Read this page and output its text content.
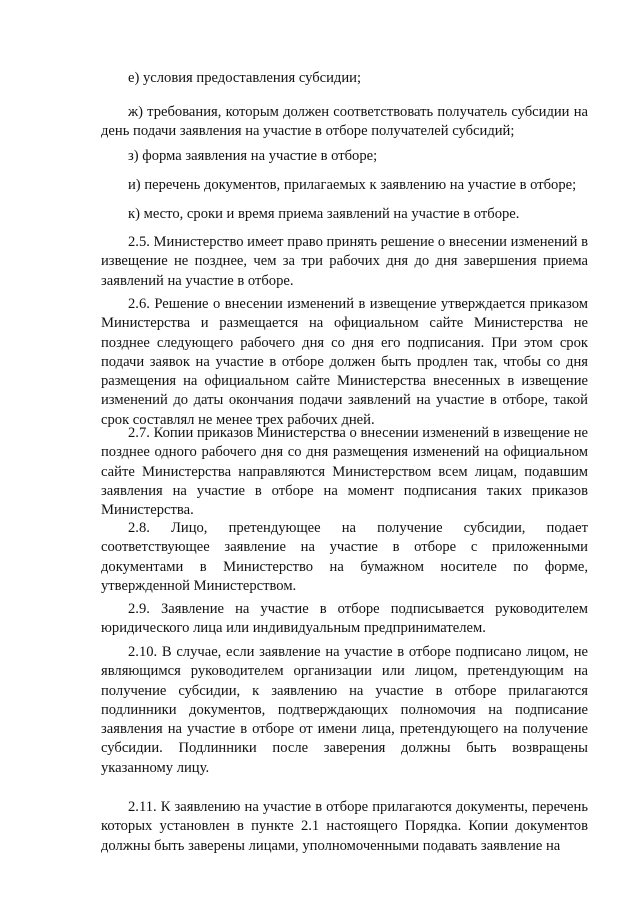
е) условия предоставления субсидии;

ж) требования, которым должен соответствовать получатель субсидии на день подачи заявления на участие в отборе получателей субсидий;

з) форма заявления на участие в отборе;

и) перечень документов, прилагаемых к заявлению на участие в отборе;

к) место, сроки и время приема заявлений на участие в отборе.

2.5. Министерство имеет право принять решение о внесении изменений в извещение не позднее, чем за три рабочих дня до дня завершения приема заявлений на участие в отборе.

2.6. Решение о внесении изменений в извещение утверждается приказом Министерства и размещается на официальном сайте Министерства не позднее следующего рабочего дня со дня его подписания. При этом срок подачи заявок на участие в отборе должен быть продлен так, чтобы со дня размещения на официальном сайте Министерства внесенных в извещение изменений до даты окончания подачи заявлений на участие в отборе, такой срок составлял не менее трех рабочих дней.

2.7. Копии приказов Министерства о внесении изменений в извещение не позднее одного рабочего дня со дня размещения изменений на официальном сайте Министерства направляются Министерством всем лицам, подавшим заявления на участие в отборе на момент подписания таких приказов Министерства.

2.8. Лицо, претендующее на получение субсидии, подает соответствующее заявление на участие в отборе с приложенными документами в Министерство на бумажном носителе по форме, утвержденной Министерством.

2.9. Заявление на участие в отборе подписывается руководителем юридического лица или индивидуальным предпринимателем.

2.10. В случае, если заявление на участие в отборе подписано лицом, не являющимся руководителем организации или лицом, претендующим на получение субсидии, к заявлению на участие в отборе прилагаются подлинники документов, подтверждающих полномочия на подписание заявления на участие в отборе от имени лица, претендующего на получение субсидии. Подлинники после заверения должны быть возвращены указанному лицу.

2.11. К заявлению на участие в отборе прилагаются документы, перечень которых установлен в пункте 2.1 настоящего Порядка. Копии документов должны быть заверены лицами, уполномоченными подавать заявление на
